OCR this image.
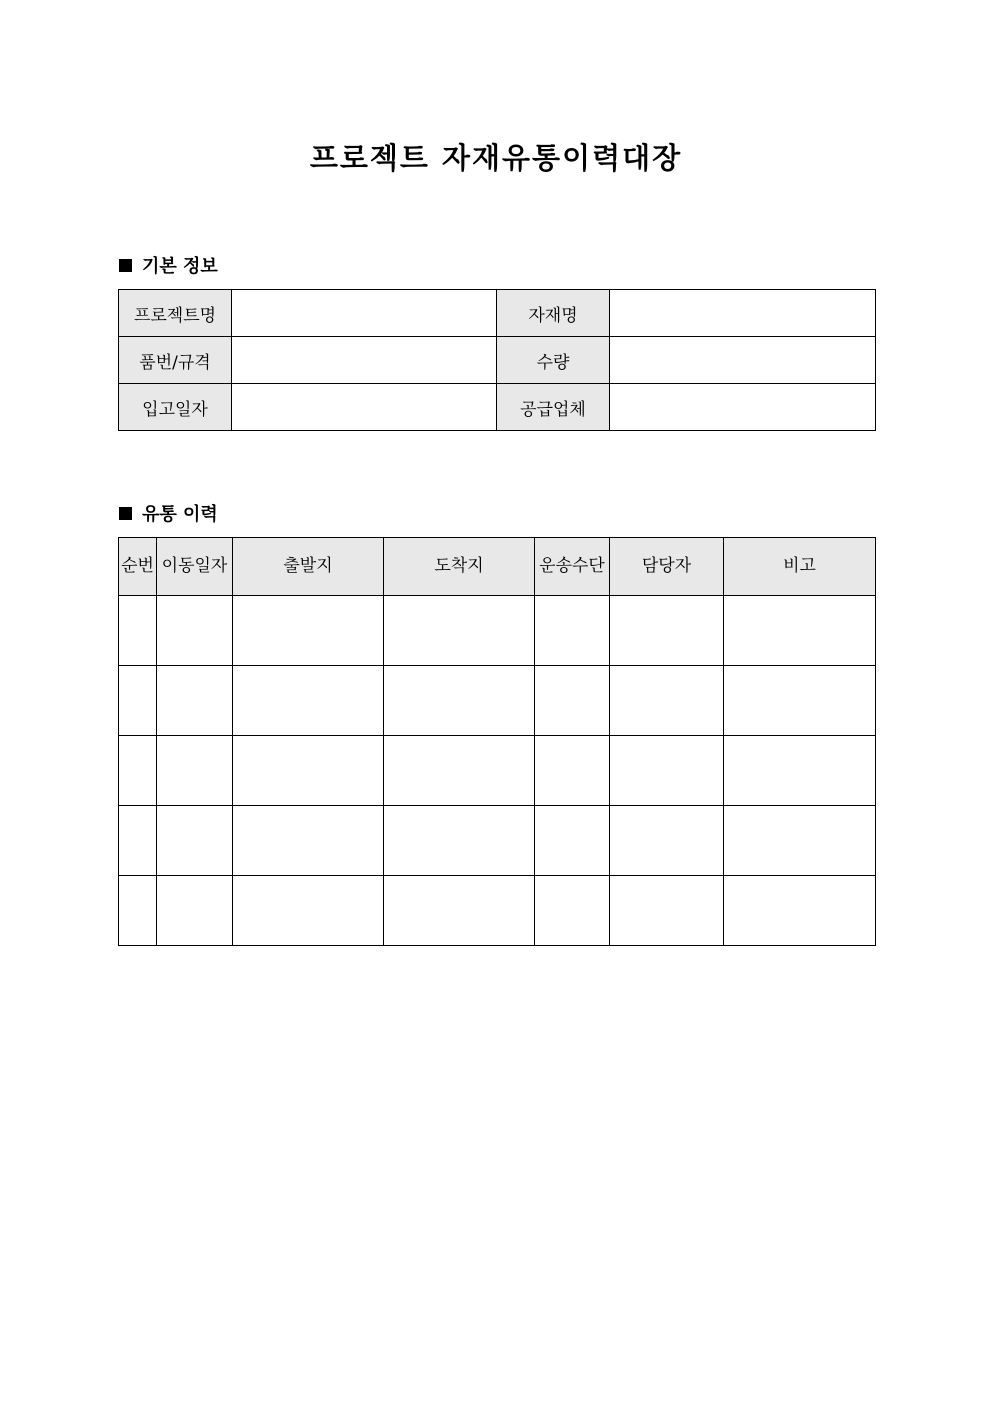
프로젝트 자재유통이력대장
기본 정보
프로젝트명		자재명	
품번/규격		수량	
입고일자		공급업체	
유통 이력
순번	이동일자	출발지	도착지	운송수단	담당자	비고
